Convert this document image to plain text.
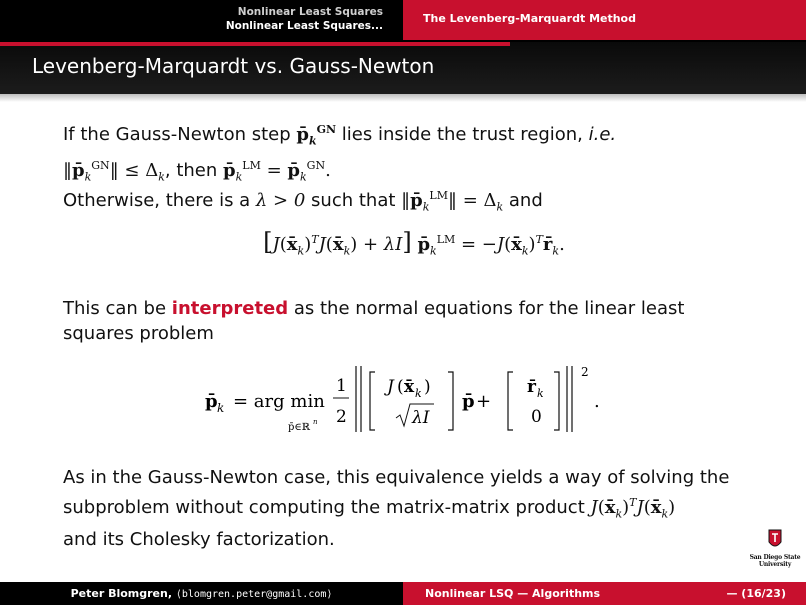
Nonlinear Least Squares
Nonlinear Least Squares...
The Levenberg-Marquardt Method
Levenberg-Marquardt vs. Gauss-Newton
If the Gauss-Newton step $p̄_k^{GN}$ lies inside the trust region, i.e.
$‖p̄_k^{GN}‖ \le \Delta_k$, then $p̄_k^{LM}$ = $p̄_k^{GN}$.
Otherwise, there is a λ > 0 such that $‖p̄_k^{LM}‖ = \Delta_k$ and
$[J(x̄_k)^TJ(x̄_k) + \lambda I]$ $p̄_k^{LM}$ = $-J(x̄_k)^Tr̄_k$.
This can be interpreted as the normal equations for the linear least squares problem
p̄ k = arg min
p̄∈ℝ n
1
2
J ( x̄ k )
λI
p̄ +
r̄ k
0
2
.
As in the Gauss-Newton case, this equivalence yields a way of solving the subproblem without computing the matrix-matrix product $J(x̄_k)^TJ(x̄_k)$
and its Cholesky factorization.
San Diego State
University
Peter Blomgren, ⟨blomgren.peter@gmail.com⟩	Nonlinear LSQ — Algorithms	— (16/23)
